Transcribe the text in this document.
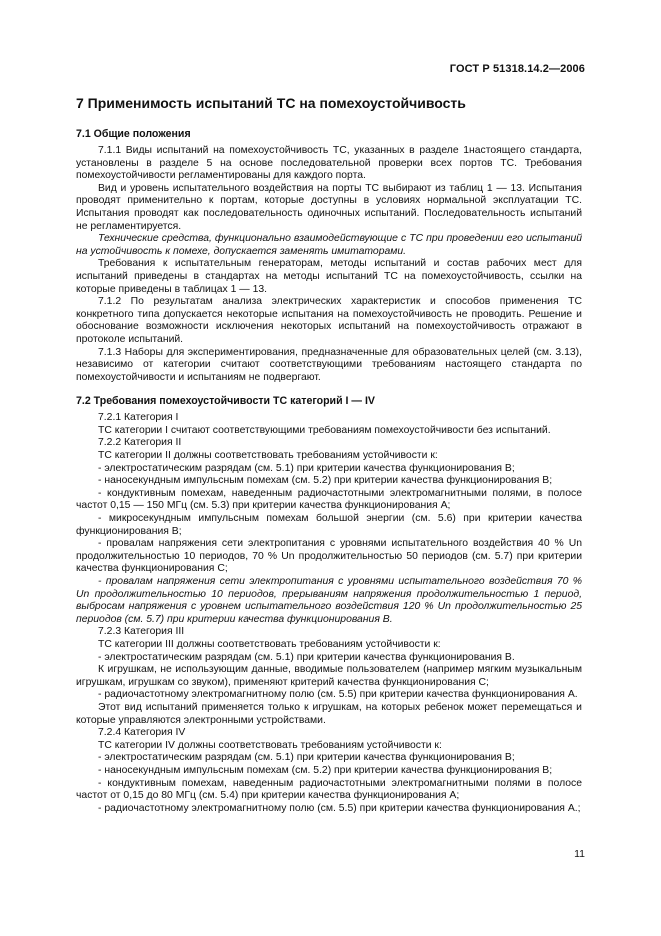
ГОСТ Р 51318.14.2—2006
7 Применимость испытаний ТС на помехоустойчивость
7.1 Общие положения

7.1.1 Виды испытаний на помехоустойчивость ТС, указанных в разделе 1настоящего стандарта, установлены в разделе 5 на основе последовательной проверки всех портов ТС. Требования помехоустойчивости регламентированы для каждого порта.

Вид и уровень испытательного воздействия на порты ТС выбирают из таблиц 1 — 13. Испытания проводят применительно к портам, которые доступны в условиях нормальной эксплуатации ТС. Испытания проводят как последовательность одиночных испытаний. Последовательность испытаний не регламентируется.

Технические средства, функционально взаимодействующие с ТС при проведении его испытаний на устойчивость к помехе, допускается заменять имитаторами.

Требования к испытательным генераторам, методы испытаний и состав рабочих мест для испытаний приведены в стандартах на методы испытаний ТС на помехоустойчивость, ссылки на которые приведены в таблицах 1 — 13.

7.1.2 По результатам анализа электрических характеристик и способов применения ТС конкретного типа допускается некоторые испытания на помехоустойчивость не проводить. Решение и обоснование возможности исключения некоторых испытаний на помехоустойчивость отражают в протоколе испытаний.

7.1.3 Наборы для экспериментирования, предназначенные для образовательных целей (см. 3.13), независимо от категории считают соответствующими требованиям настоящего стандарта по помехоустойчивости и испытаниям не подвергают.

7.2 Требования помехоустойчивости ТС категорий I — IV

7.2.1 Категория I

ТС категории I считают соответствующими требованиям помехоустойчивости без испытаний.

7.2.2 Категория II

ТС категории II должны соответствовать требованиям устойчивости к:

- электростатическим разрядам (см. 5.1) при критерии качества функционирования В;

- наносекундным импульсным помехам (см. 5.2) при критерии качества функционирования В;

- кондуктивным помехам, наведенным радиочастотными электромагнитными полями, в полосе частот 0,15 — 150 МГц (см. 5.3) при критерии качества функционирования А;

- микросекундным импульсным помехам большой энергии (см. 5.6) при критерии качества функционирования В;

- провалам напряжения сети электропитания с уровнями испытательного воздействия 40 % Un продолжительностью 10 периодов, 70 % Un продолжительностью 50 периодов (см. 5.7) при критерии качества функционирования С;

- провалам напряжения сети электропитания с уровнями испытательного воздействия 70 % Un продолжительностью 10 периодов, прерываниям напряжения продолжительностью 1 период, выбросам напряжения с уровнем испытательного воздействия 120 % Un продолжительностью 25 периодов (см. 5.7) при критерии качества функционирования В.

7.2.3 Категория III

ТС категории III должны соответствовать требованиям устойчивости к:

- электростатическим разрядам (см. 5.1) при критерии качества функционирования В.

К игрушкам, не использующим данные, вводимые пользователем (например мягким музыкальным игрушкам, игрушкам со звуком), применяют критерий качества функционирования С;

- радиочастотному электромагнитному полю (см. 5.5) при критерии качества функционирования А.

Этот вид испытаний применяется только к игрушкам, на которых ребенок может перемещаться и которые управляются электронными устройствами.

7.2.4 Категория IV

ТС категории IV должны соответствовать требованиям устойчивости к:

- электростатическим разрядам (см. 5.1) при критерии качества функционирования В;

- наносекундным импульсным помехам (см. 5.2) при критерии качества функционирования В;

- кондуктивным помехам, наведенным радиочастотными электромагнитными полями в полосе частот от 0,15 до 80 МГц (см. 5.4) при критерии качества функционирования А;

- радиочастотному электромагнитному полю (см. 5.5) при критерии качества функционирования А.;

11
